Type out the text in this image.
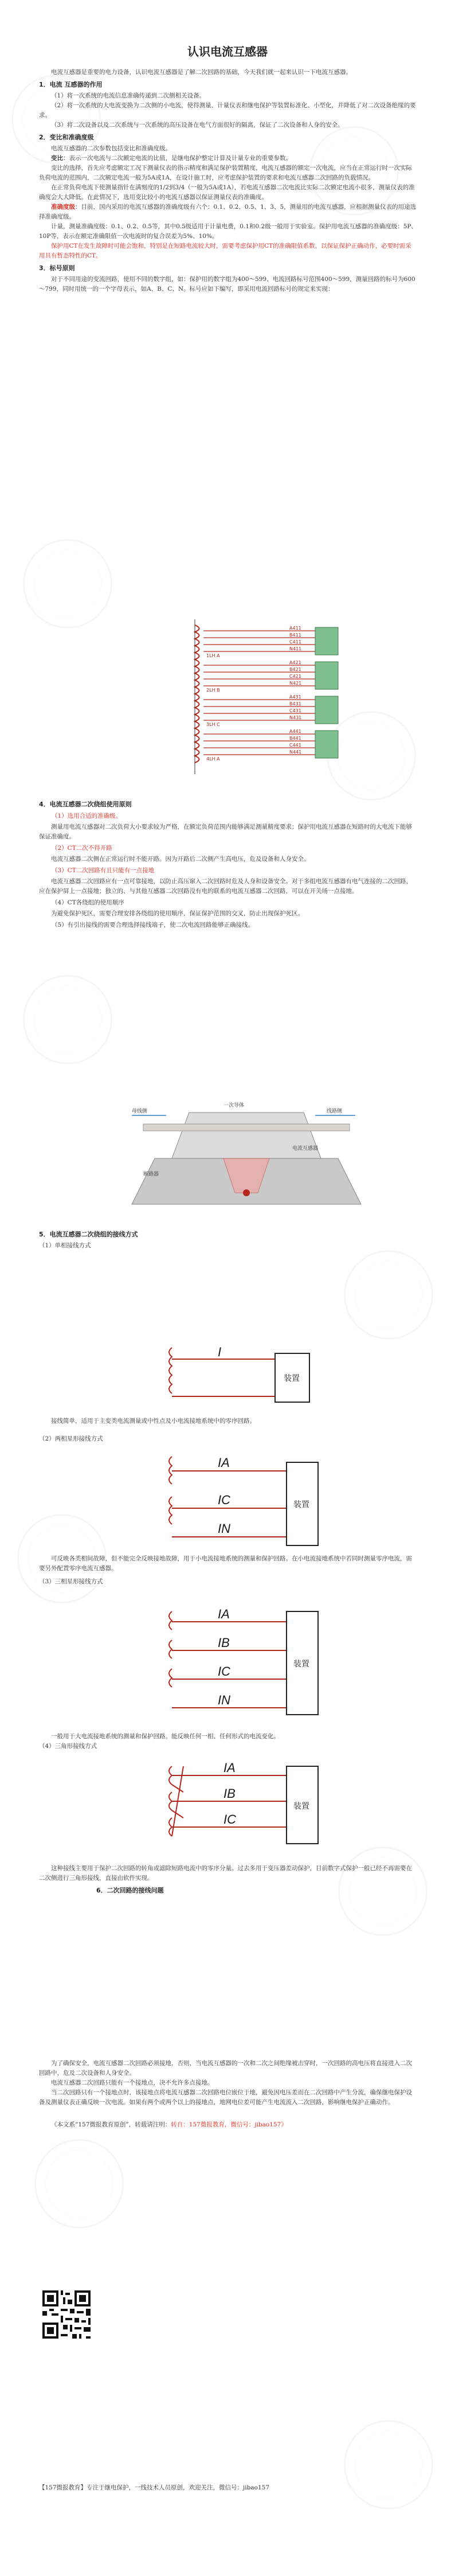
认识电流互感器

电流互感器是重要的电力设备，认识电流互感器是了解二次回路的基础，今天我们就一起来认识一下电流互感器。

1．电流 互感器的作用

（1）将一次系统的电流信息准确传递到二次侧相关设备。

（2）将一次系统的大电流变换为二次侧的小电流，使得测量、计量仪表和继电保护等装置标准化、小型化，并降低了对二次设备绝缘的要求。

（3）将二次设备以及二次系统与一次系统的高压设备在电气方面很好的隔离，保证了二次设备和人身的安全。

2．变比和准确度级

电流互感器的二次参数包括变比和准确度级。

变比：表示一次电流与二次额定电流的比值，是继电保护整定计算及计量专业的重要参数。

变比的选择，首先应考虑额定工况下测量仪表的指示精度和满足保护装置精度，电流互感器的额定一次电流，应当在正常运行时一次实际负荷电流的范围内，二次额定电流一般为5A或1A，在设计施工时，应考虑保护装置的要求和电流互感器二次回路的负载情况。

在正常负荷电流下使测量指针在满刻度的1/2到3/4（一般为5A或1A），若电流互感器二次电流比实际二次额定电流小很多，测量仪表的准确度会大大降低。在此情况下，选用变比较小的电流互感器以保证测量仪表的准确度。

准确度级：目前，国内采用的电流互感器的准确度级有六个：0.1、0.2、0.5、1、3、5，测量用的电流互感器，应根据测量仪表的用途选择准确度级。

计量，测量准确度级：0.1、0.2、0.5等，其中0.5级适用于计量电费，0.1和0.2级一般用于实验室。保护用电流互感器的准确度级：5P、10P等，表示在额定准确限值一次电流时的复合误差为5%、10%。

保护用CT在发生故障时可能会饱和，特别是在短路电流较大时，需要考虑保护用CT的准确限值系数，以保证保护正确动作，必要时需采用具有暂态特性的CT。

3．标号原则

对于不同用途的变流回路，使用不同的数字组，如：保护用的数字组为400～599、电流回路标号范围400～599，测量回路的标号为600～799，同时用统一的一个字母表示，如A、B、C、N。标号应如下编写，即采用电流回路标号的规定来实现：

A411
B411
C411
N411
A421
B421
C421
N421
A431
B431
C431
N431
A441
B441
C441
N441
1LH A
2LH B
3LH C
4LH A
4．电流互感器二次绕组使用原则
（1）选用合适的准确级。

测量用电流互感器对二次负荷大小要求较为严格，在额定负荷范围内能够满足测量精度要求；保护用电流互感器在短路时的大电流下能够保证准确度。

（2）CT二次不得开路

电流互感器二次侧在正常运行时不能开路。因为开路后二次侧产生高电压，危及设备和人身安全。

（3）CT二次回路有且只能有一点接地

电流互感器二次回路应有一点可靠接地，以防止高压窜入二次回路时危及人身和设备安全。对于多组电流互感器有电气连接的二次回路，应在保护屏上一点接地；独立的、与其他互感器二次回路没有电的联系的电流互感器二次回路，可以在开关场一点接地。

（4）CT各绕组的使用顺序

为避免保护死区，需要合理安排各绕组的使用顺序，保证保护范围的交叉，防止出现保护死区。

（5）有引出接线的需要合理选择接线端子，使二次电流回路能够正确接线。
母线侧	线路侧
一次导体
电流互感器
断路器
5．电流互感器二次绕组的接线方式
（1）单相接线方式
装置
I

接线简单，适用于主变类电流测量或中性点及小电流接地系统中的零序回路。

（2）两相星形接线方式
装置
IA
IC
IN

可反映各类相间故障，但不能完全反映接地故障，用于小电流接地系统的测量和保护回路。在小电流接地系统中若同时测量零序电流，需要另外配置零序电流互感器。

（3）三相星形接线方式
装置
IA
IB
IC
IN

一般用于大电流接地系统的测量和保护回路。能反映任何一相、任何形式的电流变化。

（4）三角形接线方式
装置
IA
IB
IC

这种接线主要用于保护二次回路的转角或滤除短路电流中的零序分量。过去多用于变压器差动保护，目前数字式保护一般已经不再需要在二次侧进行三角形接线，直接由软件实现。

6．二次回路的接线问题

为了确保安全，电流互感器二次回路必须接地，否则，当电流互感器的一次和二次之间绝缘被击穿时，一次回路的高电压将直接进入二次回路中，危及二次设备和人身安全。

电流互感器二次回路只能有一个接地点，决不允许多点接地。

当二次回路只有一个接地点时，该接地点将电流互感器二次回路电位嵌位于地，避免因电压差而在二次回路中产生分流，确保继电保护设备及测量仪表正确反映一次电流。如果有两个或两个以上的接地点，地网电位差可能产生电流流入二次回路，影响继电保护正确动作。

《本文系“157微报教育原创”，转载请注明：转自：157微报教育，微信号：jibao157》

【157微报教育】专注于继电保护，一线技术人员原创，欢迎关注，微信号：jibao157
